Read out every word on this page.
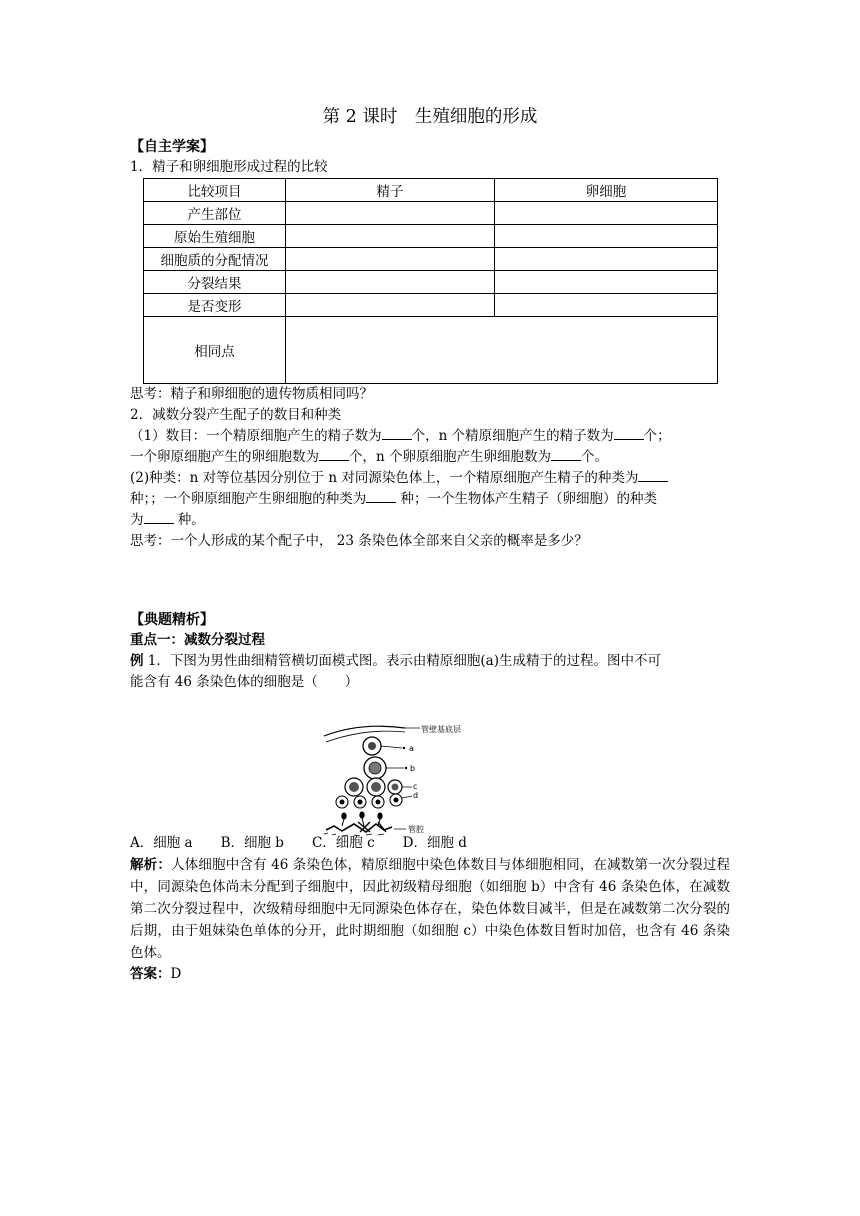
第 2 课时　生殖细胞的形成
【自主学案】
1．精子和卵细胞形成过程的比较
比较项目	精子	卵细胞
产生部位		
原始生殖细胞		
细胞质的分配情况		
分裂结果		
是否变形		
相同点		
思考：精子和卵细胞的遗传物质相同吗？
2．减数分裂产生配子的数目和种类
（1）数目：一个精原细胞产生的精子数为 个，n 个精原细胞产生的精子数为 个；
一个卵原细胞产生的卵细胞数为 个，n 个卵原细胞产生卵细胞数为 个。
(2)种类：n 对等位基因分别位于 n 对同源染色体上，一个精原细胞产生精子的种类为
种；；一个卵原细胞产生卵细胞的种类为	种；一个生物体产生精子（卵细胞）的种类
为	种。
思考：一个人形成的某个配子中， 23 条染色体全部来自父亲的概率是多少？
【典题精析】
重点一：减数分裂过程
例 1．下图为男性曲细精管横切面模式图。表示由精原细胞(a)生成精于的过程。图中不可
能含有 46 条染色体的细胞是（　　）
A．细胞 a B．细胞 b C．细胞 c D．细胞 d
解析：人体细胞中含有 46 条染色体，精原细胞中染色体数目与体细胞相同，在减数第一次分裂过程中，同源染色体尚未分配到子细胞中，因此初级精母细胞（如细胞 b）中含有 46 条染色体，在减数第二次分裂过程中，次级精母细胞中无同源染色体存在，染色体数目减半，但是在减数第二次分裂的后期，由于姐妹染色单体的分开，此时期细胞（如细胞 c）中染色体数目暂时加倍，也含有 46 条染色体。
答案：D
管壁基底层
a
b
c
d
管腔
